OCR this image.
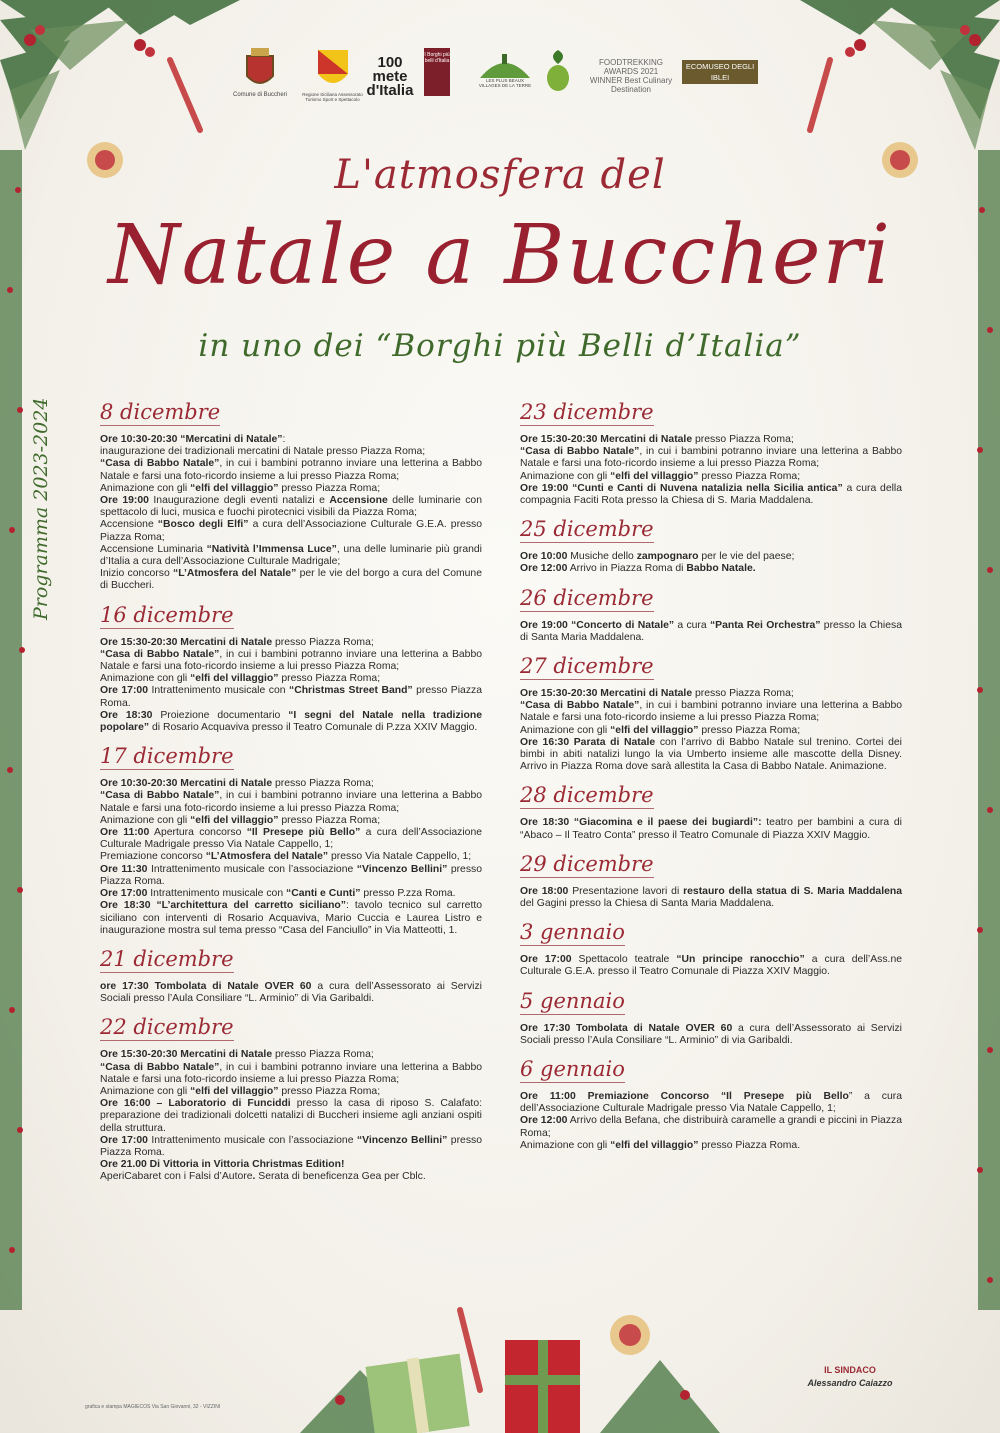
Comune di Buccheri	Regione Siciliana Assessorato Turismo Sport e Spettacolo
100 mete d'Italia
I Borghi più belli d'Italia
LES PLUS BEAUX VILLAGES DE LA TERRE
FOODTREKKING AWARDS 2021 WINNER Best Culinary Destination
ECOMUSEO DEGLI IBLEI
L'atmosfera del
Natale a Buccheri
in uno dei “Borghi più Belli d’Italia”
Programma 2023-2024 8 dicembre

Ore 10:30-20:30 “Mercatini di Natale”:
inaugurazione dei tradizionali mercatini di Natale presso Piazza Roma;
“Casa di Babbo Natale”, in cui i bambini potranno inviare una letterina a Babbo Natale e farsi una foto-ricordo insieme a lui presso Piazza Roma;
Animazione con gli “elfi del villaggio” presso Piazza Roma;
Ore 19:00 Inaugurazione degli eventi natalizi e Accensione delle luminarie con spettacolo di luci, musica e fuochi pirotecnici visibili da Piazza Roma;
Accensione “Bosco degli Elfi” a cura dell’Associazione Culturale G.E.A. presso Piazza Roma;
Accensione Luminaria “Natività l’Immensa Luce”, una delle luminarie più grandi d’Italia a cura dell’Associazione Culturale Madrigale;
Inizio concorso “L’Atmosfera del Natale” per le vie del borgo a cura del Comune di Buccheri.

16 dicembre

Ore 15:30-20:30 Mercatini di Natale presso Piazza Roma;
“Casa di Babbo Natale”, in cui i bambini potranno inviare una letterina a Babbo Natale e farsi una foto-ricordo insieme a lui presso Piazza Roma;
Animazione con gli “elfi del villaggio” presso Piazza Roma;
Ore 17:00 Intrattenimento musicale con “Christmas Street Band” presso Piazza Roma.
Ore 18:30 Proiezione documentario “I segni del Natale nella tradizione popolare” di Rosario Acquaviva presso il Teatro Comunale di P.zza XXIV Maggio.

17 dicembre

Ore 10:30-20:30 Mercatini di Natale presso Piazza Roma;
“Casa di Babbo Natale”, in cui i bambini potranno inviare una letterina a Babbo Natale e farsi una foto-ricordo insieme a lui presso Piazza Roma;
Animazione con gli “elfi del villaggio” presso Piazza Roma;
Ore 11:00 Apertura concorso “Il Presepe più Bello” a cura dell’Associazione Culturale Madrigale presso Via Natale Cappello, 1;
Premiazione concorso “L’Atmosfera del Natale” presso Via Natale Cappello, 1;
Ore 11:30 Intrattenimento musicale con l’associazione “Vincenzo Bellini” presso Piazza Roma.
Ore 17:00 Intrattenimento musicale con “Canti e Cunti” presso P.zza Roma.
Ore 18:30 “L’architettura del carretto siciliano”: tavolo tecnico sul carretto siciliano con interventi di Rosario Acquaviva, Mario Cuccia e Laurea Listro e inaugurazione mostra sul tema presso “Casa del Fanciullo” in Via Matteotti, 1.

21 dicembre

ore 17:30 Tombolata di Natale OVER 60 a cura dell’Assessorato ai Servizi Sociali presso l’Aula Consiliare “L. Arminio” di Via Garibaldi.

22 dicembre

Ore 15:30-20:30 Mercatini di Natale presso Piazza Roma;
“Casa di Babbo Natale”, in cui i bambini potranno inviare una letterina a Babbo Natale e farsi una foto-ricordo insieme a lui presso Piazza Roma;
Animazione con gli “elfi del villaggio” presso Piazza Roma;
Ore 16:00 – Laboratorio di Funciddi presso la casa di riposo S. Calafato: preparazione dei tradizionali dolcetti natalizi di Buccheri insieme agli anziani ospiti della struttura.
Ore 17:00 Intrattenimento musicale con l’associazione “Vincenzo Bellini” presso Piazza Roma.
Ore 21.00 Di Vittoria in Vittoria Christmas Edition!
AperiCabaret con i Falsi d’Autore. Serata di beneficenza Gea per Cblc.

23 dicembre

Ore 15:30-20:30 Mercatini di Natale presso Piazza Roma;
“Casa di Babbo Natale”, in cui i bambini potranno inviare una letterina a Babbo Natale e farsi una foto-ricordo insieme a lui presso Piazza Roma;
Animazione con gli “elfi del villaggio” presso Piazza Roma;
Ore 19:00 “Cunti e Canti di Nuvena natalizia nella Sicilia antica” a cura della compagnia Faciti Rota presso la Chiesa di S. Maria Maddalena.

25 dicembre

Ore 10:00 Musiche dello zampognaro per le vie del paese;
Ore 12:00 Arrivo in Piazza Roma di Babbo Natale.

26 dicembre

Ore 19:00 “Concerto di Natale” a cura “Panta Rei Orchestra” presso la Chiesa di Santa Maria Maddalena.

27 dicembre

Ore 15:30-20:30 Mercatini di Natale presso Piazza Roma;
“Casa di Babbo Natale”, in cui i bambini potranno inviare una letterina a Babbo Natale e farsi una foto-ricordo insieme a lui presso Piazza Roma;
Animazione con gli “elfi del villaggio” presso Piazza Roma;
Ore 16:30 Parata di Natale con l’arrivo di Babbo Natale sul trenino. Cortei dei bimbi in abiti natalizi lungo la via Umberto insieme alle mascotte della Disney. Arrivo in Piazza Roma dove sarà allestita la Casa di Babbo Natale. Animazione.

28 dicembre

Ore 18:30 “Giacomina e il paese dei bugiardi”: teatro per bambini a cura di “Abaco – Il Teatro Conta” presso il Teatro Comunale di Piazza XXIV Maggio.

29 dicembre

Ore 18:00 Presentazione lavori di restauro della statua di S. Maria Maddalena del Gagini presso la Chiesa di Santa Maria Maddalena.

3 gennaio

Ore 17:00 Spettacolo teatrale “Un principe ranocchio” a cura dell’Ass.ne Culturale G.E.A. presso il Teatro Comunale di Piazza XXIV Maggio.

5 gennaio

Ore 17:30 Tombolata di Natale OVER 60 a cura dell’Assessorato ai Servizi Sociali presso l’Aula Consiliare “L. Arminio” di via Garibaldi.

6 gennaio

Ore 11:00 Premiazione Concorso “Il Presepe più Bello” a cura dell’Associazione Culturale Madrigale presso Via Natale Cappello, 1;
Ore 12:00 Arrivo della Befana, che distribuirà caramelle a grandi e piccini in Piazza Roma;
Animazione con gli “elfi del villaggio” presso Piazza Roma.

IL SINDACO
Alessandro Caiazzo
grafica e stampa MAGIECOS Via San Giovanni, 32 - VIZZINI
